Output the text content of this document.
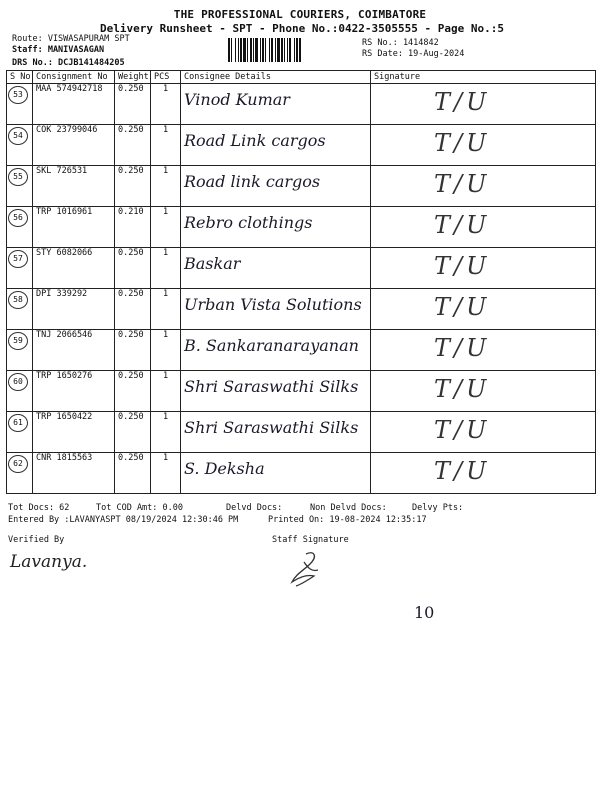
THE PROFESSIONAL COURIERS, COIMBATORE
Delivery Runsheet - SPT - Phone No.:0422-3505555 - Page No.:5
Route: VISWASAPURAM SPT
Staff: MANIVASAGAN
DRS No.: DCJB141484205
RS No.: 1414842
RS Date: 19-Aug-2024
S No	Consignment No	Weight	PCS	Consignee Details	Signature

53	MAA 574942718	0.250	1	Vinod Kumar	T/U

54	COK 23799046	0.250	1	Road Link cargos	T/U

55	SKL 726531	0.250	1	Road link cargos	T/U

56	TRP 1016961	0.210	1	Rebro clothings	T/U

57	STY 6082066	0.250	1	Baskar	T/U

58	DPI 339292	0.250	1	Urban Vista Solutions	T/U

59	TNJ 2066546	0.250	1	B. Sankaranarayanan	T/U

60	TRP 1650276	0.250	1	Shri Saraswathi Silks	T/U

61	TRP 1650422	0.250	1	Shri Saraswathi Silks	T/U

62	CNR 1815563	0.250	1	S. Deksha	T/U
Tot Docs: 62	Tot COD Amt: 0.00	Delvd Docs:	Non Delvd Docs:	Delvy Pts:
Entered By :LAVANYASPT 08/19/2024 12:30:46 PM	Printed On: 19-08-2024 12:35:17
Verified By	Staff Signature
Lavanya.
10
